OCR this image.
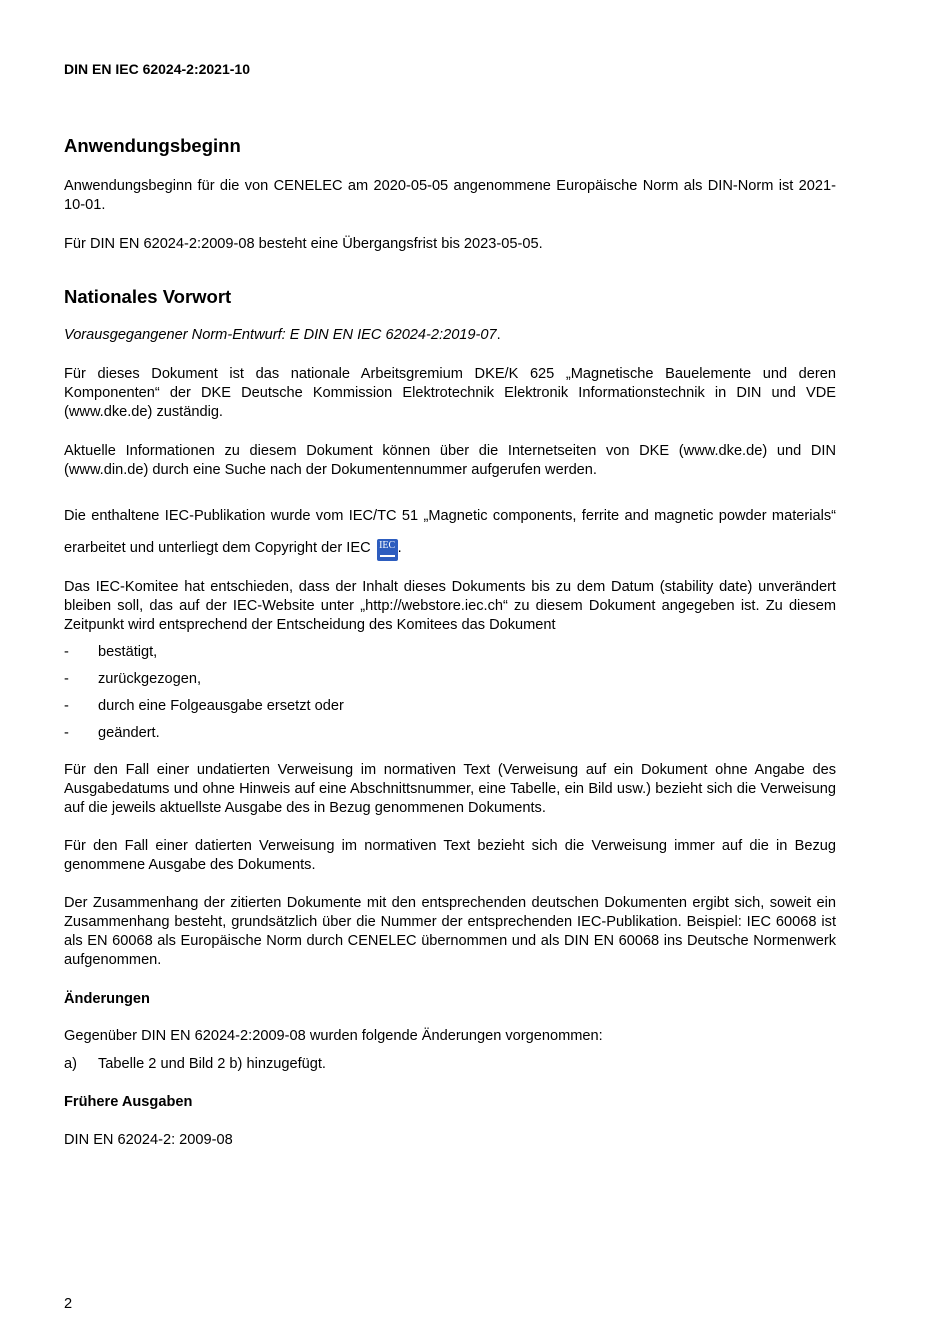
DIN EN IEC 62024-2:2021-10
Anwendungsbeginn

Anwendungsbeginn für die von CENELEC am 2020-05-05 angenommene Europäische Norm als DIN-Norm ist 2021-10-01.

Für DIN EN 62024-2:2009-08 besteht eine Übergangsfrist bis 2023-05-05.

Nationales Vorwort

Vorausgegangener Norm-Entwurf: E DIN EN IEC 62024-2:2019-07.

Für dieses Dokument ist das nationale Arbeitsgremium DKE/K 625 „Magnetische Bauelemente und deren Komponenten“ der DKE Deutsche Kommission Elektrotechnik Elektronik Informationstechnik in DIN und VDE (www.dke.de) zuständig.

Aktuelle Informationen zu diesem Dokument können über die Internetseiten von DKE (www.dke.de) und DIN (www.din.de) durch eine Suche nach der Dokumentennummer aufgerufen werden.

Die enthaltene IEC-Publikation wurde vom IEC/TC 51 „Magnetic components, ferrite and magnetic powder materials“ erarbeitet und unterliegt dem Copyright der IEC IEC .

Das IEC-Komitee hat entschieden, dass der Inhalt dieses Dokuments bis zu dem Datum (stability date) unverändert bleiben soll, das auf der IEC-Website unter „http://webstore.iec.ch“ zu diesem Dokument angegeben ist. Zu diesem Zeitpunkt wird entsprechend der Entscheidung des Komitees das Dokument

-	bestätigt,
-	zurückgezogen,
-	durch eine Folgeausgabe ersetzt oder
-	geändert.

Für den Fall einer undatierten Verweisung im normativen Text (Verweisung auf ein Dokument ohne Angabe des Ausgabedatums und ohne Hinweis auf eine Abschnittsnummer, eine Tabelle, ein Bild usw.) bezieht sich die Verweisung auf die jeweils aktuellste Ausgabe des in Bezug genommenen Dokuments.

Für den Fall einer datierten Verweisung im normativen Text bezieht sich die Verweisung immer auf die in Bezug genommene Ausgabe des Dokuments.

Der Zusammenhang der zitierten Dokumente mit den entsprechenden deutschen Dokumenten ergibt sich, soweit ein Zusammenhang besteht, grundsätzlich über die Nummer der entsprechenden IEC-Publikation. Beispiel: IEC 60068 ist als EN 60068 als Europäische Norm durch CENELEC übernommen und als DIN EN 60068 ins Deutsche Normenwerk aufgenommen.

Änderungen

Gegenüber DIN EN 62024-2:2009-08 wurden folgende Änderungen vorgenommen:

a)	Tabelle 2 und Bild 2 b) hinzugefügt.
Frühere Ausgaben

DIN EN 62024-2: 2009-08

2
